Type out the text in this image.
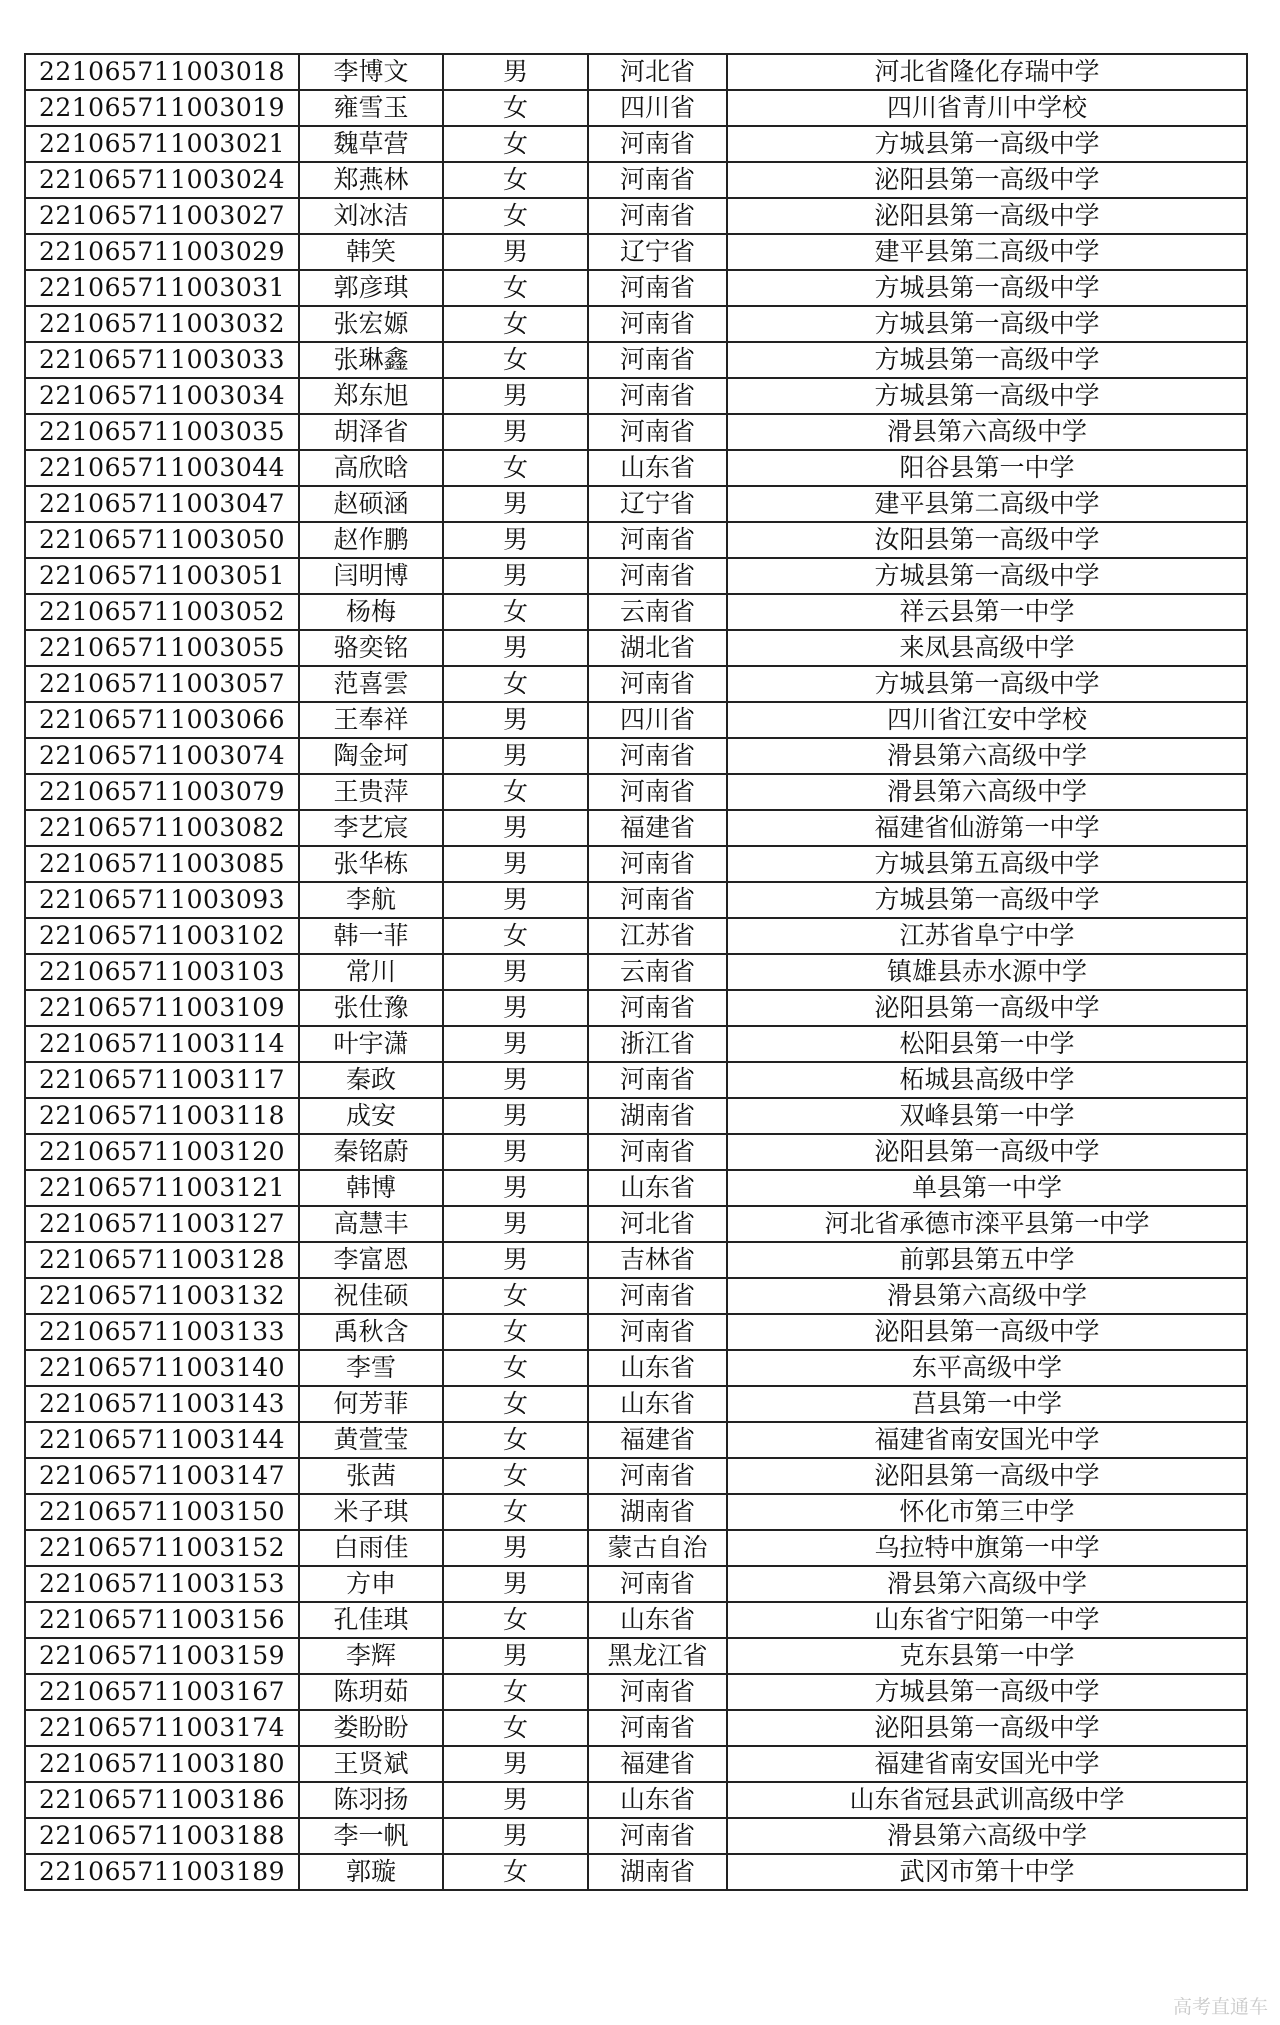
221065711003018	李博文	男	河北省	河北省隆化存瑞中学
221065711003019	雍雪玉	女	四川省	四川省青川中学校
221065711003021	魏草营	女	河南省	方城县第一高级中学
221065711003024	郑燕林	女	河南省	泌阳县第一高级中学
221065711003027	刘冰洁	女	河南省	泌阳县第一高级中学
221065711003029	韩笑	男	辽宁省	建平县第二高级中学
221065711003031	郭彦琪	女	河南省	方城县第一高级中学
221065711003032	张宏嫄	女	河南省	方城县第一高级中学
221065711003033	张琳鑫	女	河南省	方城县第一高级中学
221065711003034	郑东旭	男	河南省	方城县第一高级中学
221065711003035	胡泽省	男	河南省	滑县第六高级中学
221065711003044	高欣晗	女	山东省	阳谷县第一中学
221065711003047	赵硕涵	男	辽宁省	建平县第二高级中学
221065711003050	赵作鹏	男	河南省	汝阳县第一高级中学
221065711003051	闫明博	男	河南省	方城县第一高级中学
221065711003052	杨梅	女	云南省	祥云县第一中学
221065711003055	骆奕铭	男	湖北省	来凤县高级中学
221065711003057	范喜雲	女	河南省	方城县第一高级中学
221065711003066	王奉祥	男	四川省	四川省江安中学校
221065711003074	陶金坷	男	河南省	滑县第六高级中学
221065711003079	王贵萍	女	河南省	滑县第六高级中学
221065711003082	李艺宸	男	福建省	福建省仙游第一中学
221065711003085	张华栋	男	河南省	方城县第五高级中学
221065711003093	李航	男	河南省	方城县第一高级中学
221065711003102	韩一菲	女	江苏省	江苏省阜宁中学
221065711003103	常川	男	云南省	镇雄县赤水源中学
221065711003109	张仕豫	男	河南省	泌阳县第一高级中学
221065711003114	叶宇潇	男	浙江省	松阳县第一中学
221065711003117	秦政	男	河南省	柘城县高级中学
221065711003118	成安	男	湖南省	双峰县第一中学
221065711003120	秦铭蔚	男	河南省	泌阳县第一高级中学
221065711003121	韩博	男	山东省	单县第一中学
221065711003127	高慧丰	男	河北省	河北省承德市滦平县第一中学
221065711003128	李富恩	男	吉林省	前郭县第五中学
221065711003132	祝佳硕	女	河南省	滑县第六高级中学
221065711003133	禹秋含	女	河南省	泌阳县第一高级中学
221065711003140	李雪	女	山东省	东平高级中学
221065711003143	何芳菲	女	山东省	莒县第一中学
221065711003144	黄萱莹	女	福建省	福建省南安国光中学
221065711003147	张茜	女	河南省	泌阳县第一高级中学
221065711003150	米子琪	女	湖南省	怀化市第三中学
221065711003152	白雨佳	男	蒙古自治	乌拉特中旗第一中学
221065711003153	方申	男	河南省	滑县第六高级中学
221065711003156	孔佳琪	女	山东省	山东省宁阳第一中学
221065711003159	李辉	男	黑龙江省	克东县第一中学
221065711003167	陈玥茹	女	河南省	方城县第一高级中学
221065711003174	娄盼盼	女	河南省	泌阳县第一高级中学
221065711003180	王贤斌	男	福建省	福建省南安国光中学
221065711003186	陈羽扬	男	山东省	山东省冠县武训高级中学
221065711003188	李一帆	男	河南省	滑县第六高级中学
221065711003189	郭璇	女	湖南省	武冈市第十中学
高考直通车
